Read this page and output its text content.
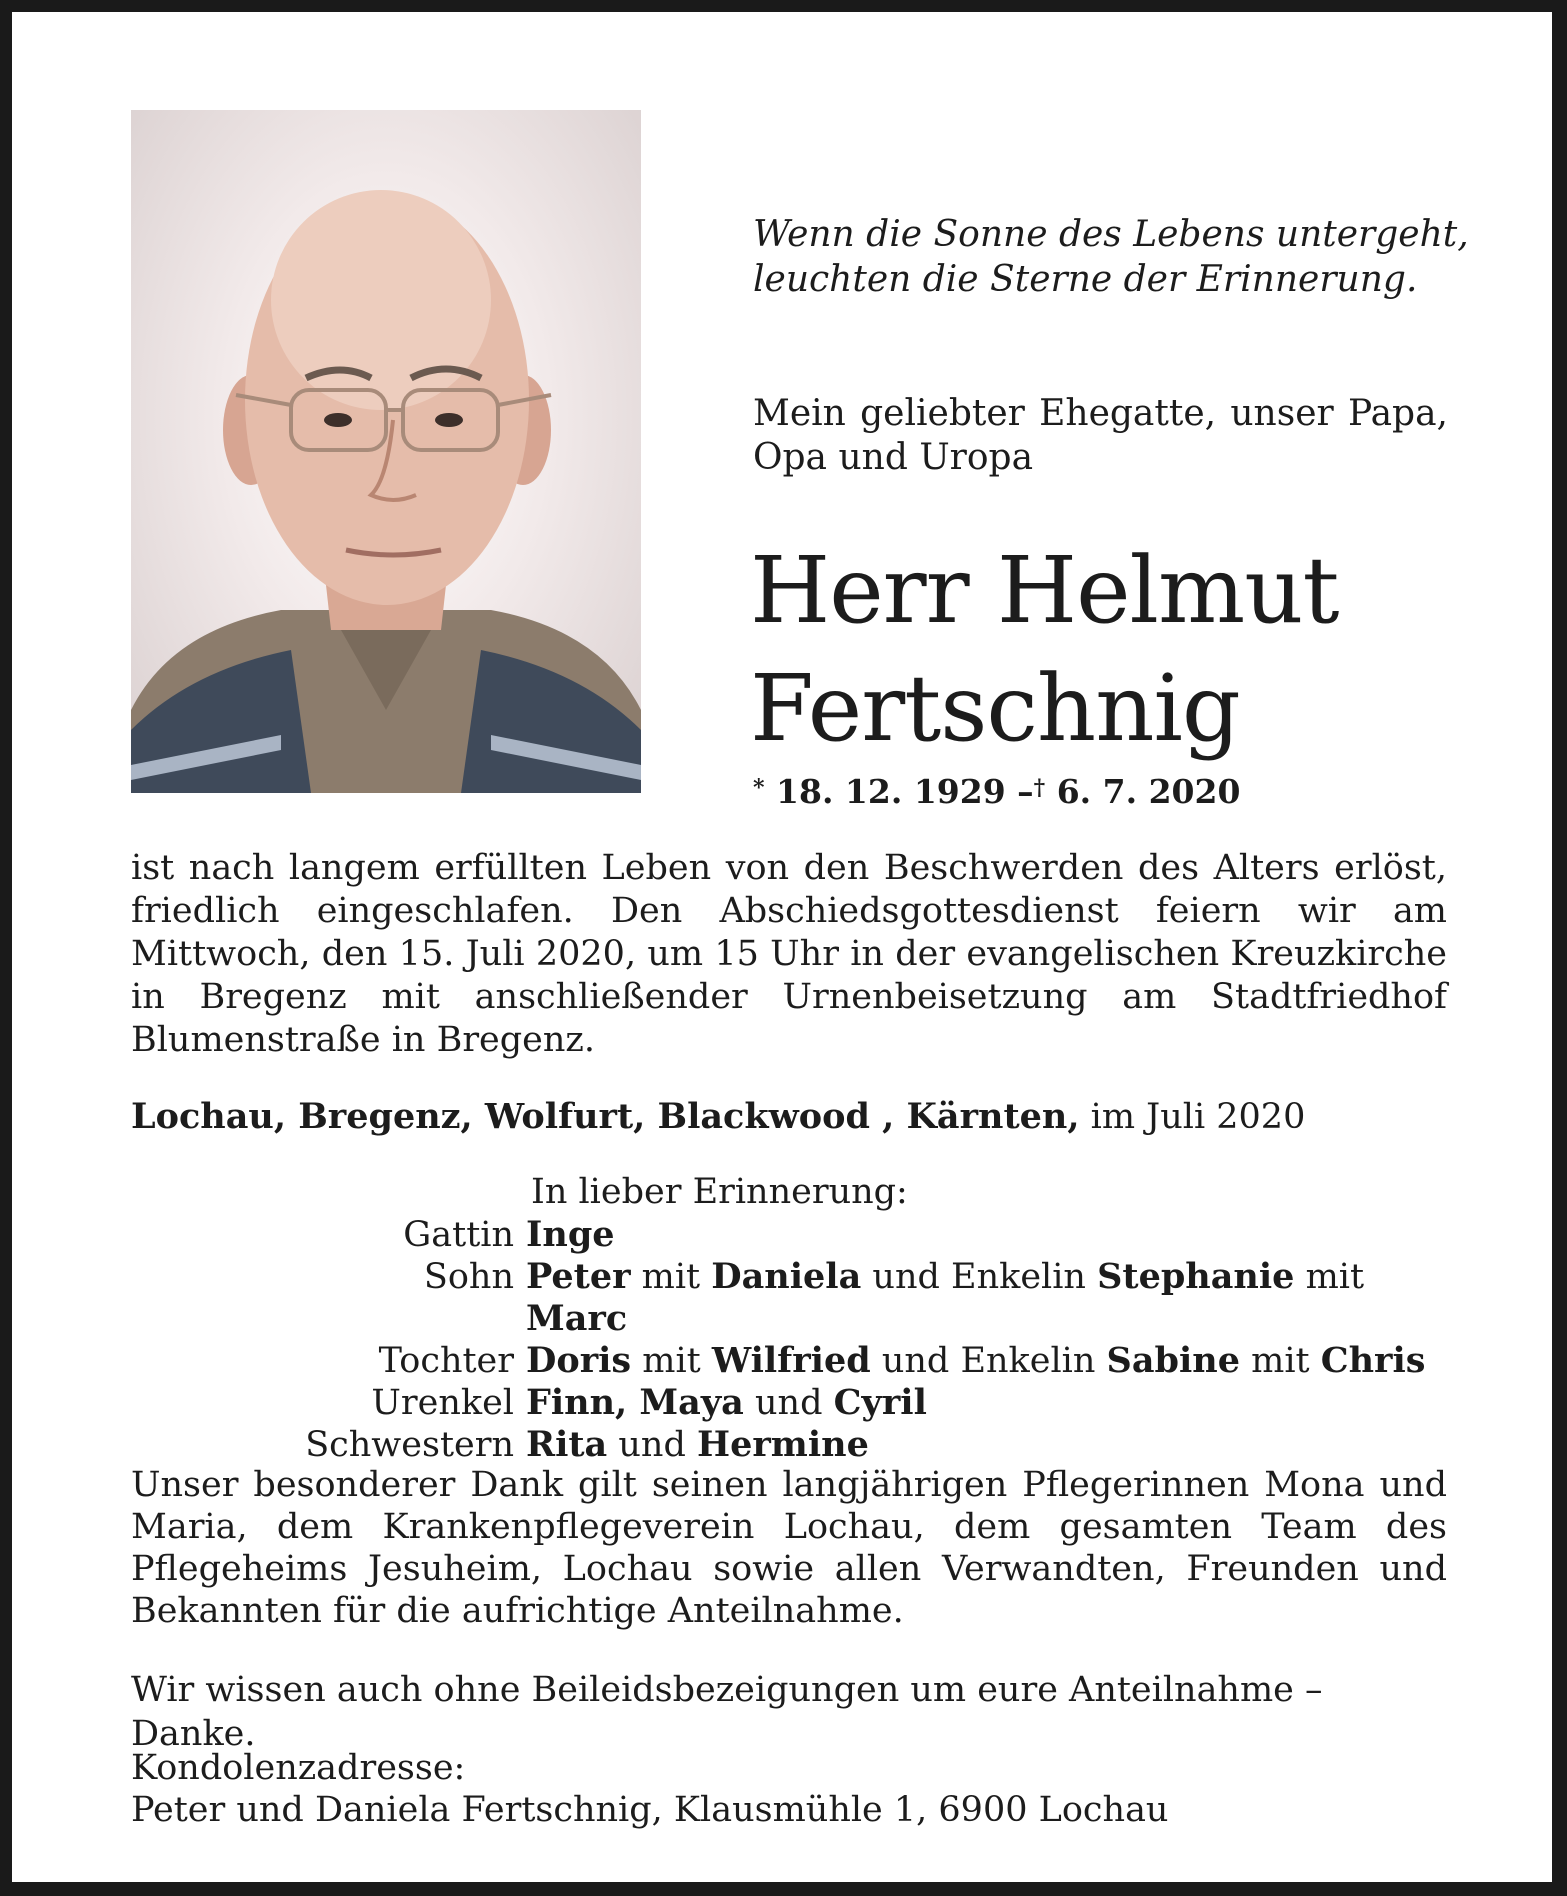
Wenn die Sonne des Lebens untergeht,
leuchten die Sterne der Erinnerung.
Mein geliebter Ehegatte, unser Papa, Opa und Uropa
Herr Helmut
Fertschnig
* 18. 12. 1929 –† 6. 7. 2020
ist nach langem erfüllten Leben von den Beschwerden des Alters erlöst, friedlich eingeschlafen. Den Abschiedsgottesdienst feiern wir am Mittwoch, den 15. Juli 2020, um 15 Uhr in der evangelischen Kreuzkirche in Bregenz mit anschließender Urnenbeisetzung am Stadtfriedhof Blumenstraße in Bregenz.
Lochau, Bregenz, Wolfurt, Blackwood , Kärnten, im Juli 2020
In lieber Erinnerung:
Gattin Inge
Sohn Peter mit Daniela und Enkelin Stephanie mit Marc
Tochter Doris mit Wilfried und Enkelin Sabine mit Chris
Urenkel Finn, Maya und Cyril
Schwestern Rita und Hermine
Unser besonderer Dank gilt seinen langjährigen Pflegerinnen Mona und Maria, dem Krankenpflegeverein Lochau, dem gesamten Team des Pflegeheims Jesuheim, Lochau sowie allen Verwandten, Freunden und Bekannten für die aufrichtige Anteilnahme.
Wir wissen auch ohne Beileidsbezeigungen um eure Anteilnahme – Danke.
Kondolenzadresse:
Peter und Daniela Fertschnig, Klausmühle 1, 6900 Lochau
